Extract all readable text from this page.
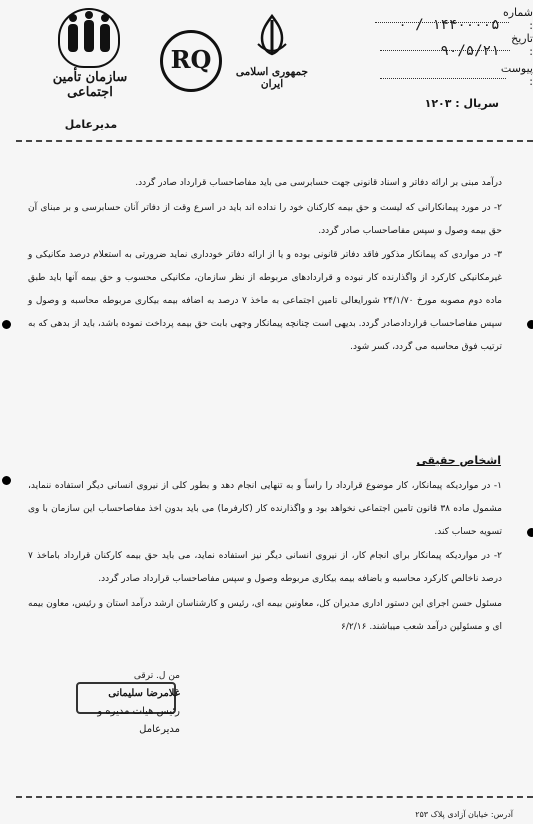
سازمان تأمین اجتماعی
RQ	جمهوری اسلامی ایران
مدیرعامل
شماره : ۱۴۴۰۰۰۰۵ / ۰
تاریخ : ۹۰/۵/۲۱
پیوست :
سریال : ۱۲۰۳

درآمد مبنی بر ارائه دفاتر و اسناد قانونی جهت حسابرسی می باید مفاصاحساب قرارداد صادر گردد.

۲- در مورد پیمانکارانی که لیست و حق بیمه کارکنان خود را نداده اند باید در اسرع وقت از دفاتر آنان حسابرسی و بر مبنای آن حق بیمه وصول و سپس مفاصاحساب صادر گردد.

۳- در مواردی که پیمانکار مذکور فاقد دفاتر قانونی بوده و یا از ارائه دفاتر خودداری نماید ضرورتی به استعلام درصد مکانیکی و غیرمکانیکی کارکرد از واگذارنده کار نبوده و قراردادهای مربوطه از نظر سازمان، مکانیکی محسوب و حق بیمه آنها باید طبق ماده دوم مصوبه مورخ ۲۴/۱/۷۰ شورایعالی تامین اجتماعی به ماخذ ۷ درصد به اضافه بیمه بیکاری مربوطه محاسبه و وصول و سپس مفاصاحساب قراردادصادر گردد. بدیهی است چنانچه پیمانکار وجهی بابت حق بیمه پرداخت نموده باشد، باید از بدهی که به ترتیب فوق محاسبه می گردد، کسر شود.

اشخاص حقیقی

۱- در مواردیکه پیمانکار، کار موضوع قرارداد را راساً و به تنهایی انجام دهد و بطور کلی از نیروی انسانی دیگر استفاده ننماید، مشمول ماده ۳۸ قانون تامین اجتماعی نخواهد بود و واگذارنده کار (کارفرما) می باید بدون اخذ مفاصاحساب این سازمان با وی تسویه حساب کند.

۲- در مواردیکه پیمانکار برای انجام کار، از نیروی انسانی دیگر نیز استفاده نماید، می باید حق بیمه کارکنان قرارداد باماخذ ۷ درصد ناخالص کارکرد محاسبه و باضافه بیمه بیکاری مربوطه وصول و سپس مفاصاحساب قرارداد صادر گردد.

مسئول حسن اجرای این دستور اداری مدیران کل، معاونین بیمه ای، رئیس و کارشناسان ارشد درآمد استان و رئیس، معاون بیمه ای و مسئولین درآمد شعب میباشند. ۶/۲/۱۶

من ل. ترقی
غلامرضا سلیمانی
رئیس هیات مدیره و مدیرعامل
آدرس: خیابان آزادی پلاک ۲۵۳
